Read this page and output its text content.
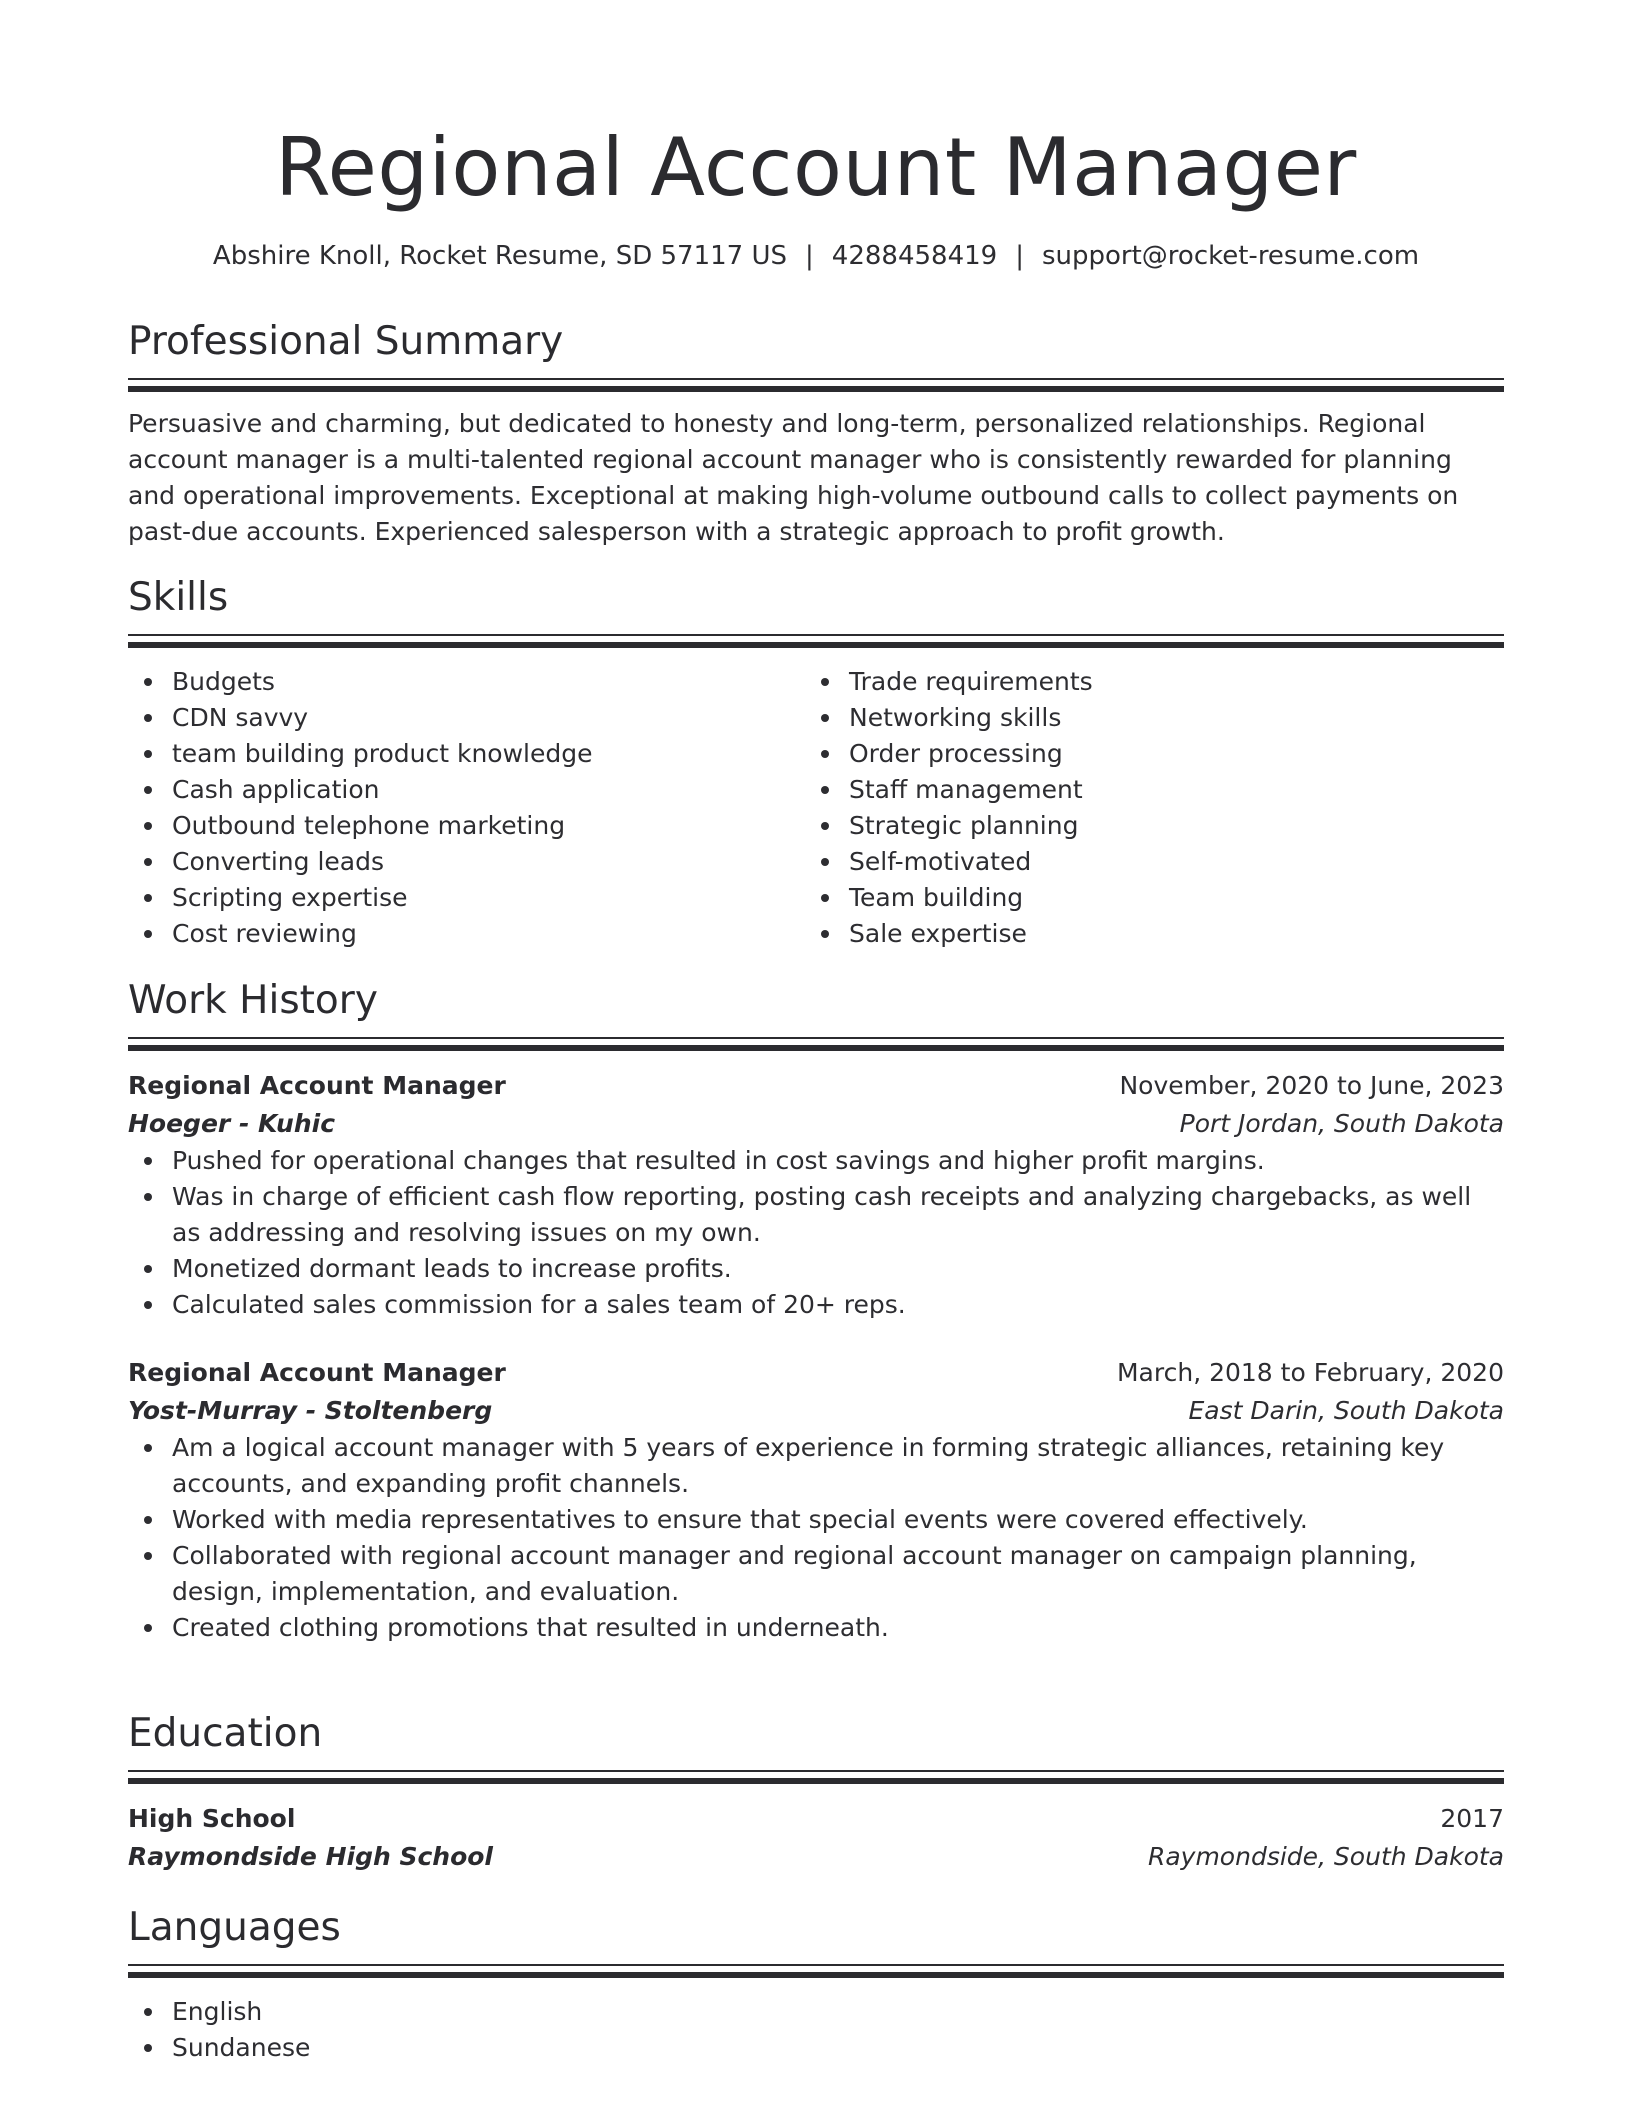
Regional Account Manager
Abshire Knoll, Rocket Resume, SD 57117 US | 4288458419 | support@rocket-resume.com
Professional Summary

Persuasive and charming, but dedicated to honesty and long-term, personalized relationships. Regional account manager is a multi-talented regional account manager who is consistently rewarded for planning and operational improvements. Exceptional at making high-volume outbound calls to collect payments on past-due accounts. Experienced salesperson with a strategic approach to profit growth.

Skills
Budgets
CDN savvy
team building product knowledge
Cash application
Outbound telephone marketing
Converting leads
Scripting expertise
Cost reviewing
Trade requirements
Networking skills
Order processing
Staff management
Strategic planning
Self-motivated
Team building
Sale expertise
Work History
Regional Account Manager	November, 2020 to June, 2023
Hoeger - Kuhic	Port Jordan, South Dakota
Pushed for operational changes that resulted in cost savings and higher profit margins.
Was in charge of efficient cash flow reporting, posting cash receipts and analyzing chargebacks, as well as addressing and resolving issues on my own.
Monetized dormant leads to increase profits.
Calculated sales commission for a sales team of 20+ reps.
Regional Account Manager	March, 2018 to February, 2020
Yost-Murray - Stoltenberg	East Darin, South Dakota
Am a logical account manager with 5 years of experience in forming strategic alliances, retaining key accounts, and expanding profit channels.
Worked with media representatives to ensure that special events were covered effectively.
Collaborated with regional account manager and regional account manager on campaign planning, design, implementation, and evaluation.
Created clothing promotions that resulted in underneath.
Education
High School	2017
Raymondside High School	Raymondside, South Dakota
Languages
English
Sundanese
